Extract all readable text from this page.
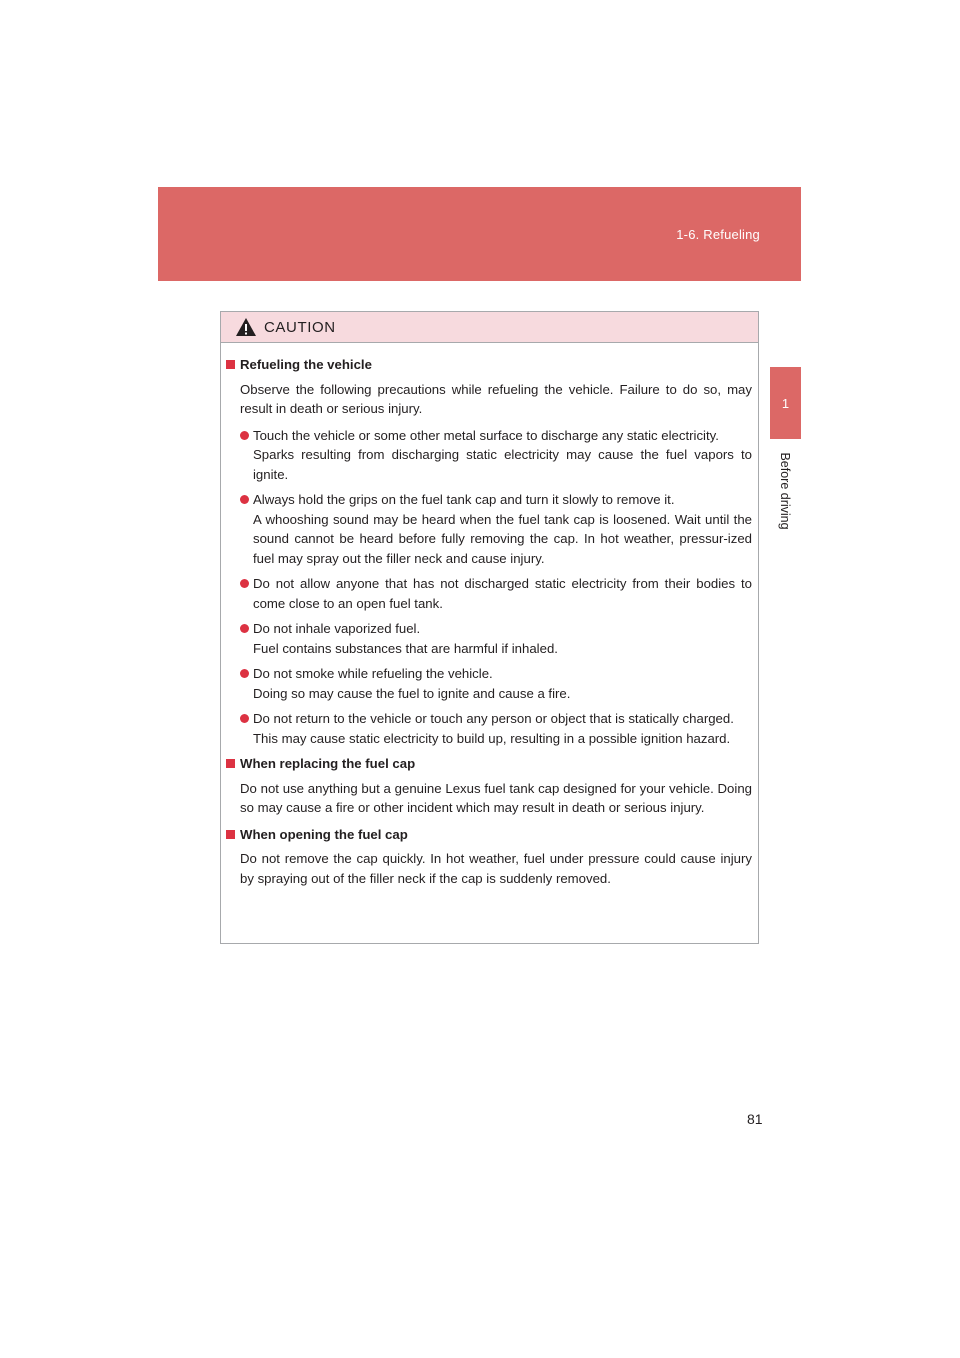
1-6. Refueling
1
Before driving
CAUTION
Refueling the vehicle
Observe the following precautions while refueling the vehicle. Failure to do so, may result in death or serious injury.
Touch the vehicle or some other metal surface to discharge any static electricity.
Sparks resulting from discharging static electricity may cause the fuel vapors to ignite.
Always hold the grips on the fuel tank cap and turn it slowly to remove it.
A whooshing sound may be heard when the fuel tank cap is loosened. Wait until the sound cannot be heard before fully removing the cap. In hot weather, pressur-ized fuel may spray out the filler neck and cause injury.
Do not allow anyone that has not discharged static electricity from their bodies to come close to an open fuel tank.
Do not inhale vaporized fuel.
Fuel contains substances that are harmful if inhaled.
Do not smoke while refueling the vehicle.
Doing so may cause the fuel to ignite and cause a fire.
Do not return to the vehicle or touch any person or object that is statically charged.
This may cause static electricity to build up, resulting in a possible ignition hazard.
When replacing the fuel cap
Do not use anything but a genuine Lexus fuel tank cap designed for your vehicle. Doing so may cause a fire or other incident which may result in death or serious injury.
When opening the fuel cap
Do not remove the cap quickly. In hot weather, fuel under pressure could cause injury by spraying out of the filler neck if the cap is suddenly removed.
81
